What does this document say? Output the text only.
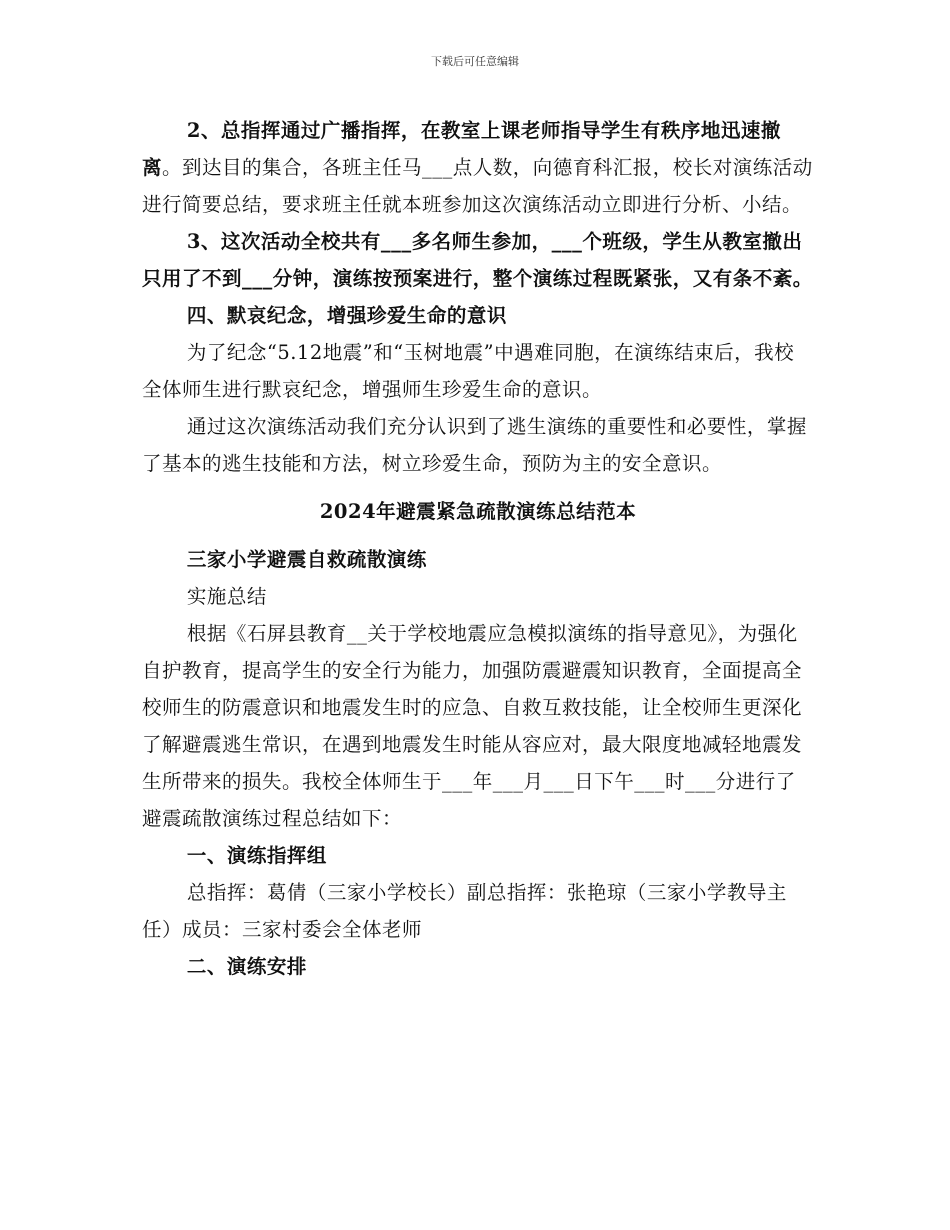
下载后可任意编辑

2、总指挥通过广播指挥，在教室上课老师指导学生有秩序地迅速撤离。到达目的集合，各班主任马___点人数，向德育科汇报，校长对演练活动进行简要总结，要求班主任就本班参加这次演练活动立即进行分析、小结。

3、这次活动全校共有___多名师生参加，___个班级，学生从教室撤出只用了不到___分钟，演练按预案进行，整个演练过程既紧张，又有条不紊。

四、默哀纪念，增强珍爱生命的意识

为了纪念“5.12地震”和“玉树地震”中遇难同胞，在演练结束后，我校全体师生进行默哀纪念，增强师生珍爱生命的意识。

通过这次演练活动我们充分认识到了逃生演练的重要性和必要性，掌握了基本的逃生技能和方法，树立珍爱生命，预防为主的安全意识。

2024年避震紧急疏散演练总结范本

三家小学避震自救疏散演练

实施总结

根据《石屏县教育__关于学校地震应急模拟演练的指导意见》，为强化自护教育，提高学生的安全行为能力，加强防震避震知识教育，全面提高全校师生的防震意识和地震发生时的应急、自救互救技能，让全校师生更深化了解避震逃生常识，在遇到地震发生时能从容应对，最大限度地减轻地震发生所带来的损失。我校全体师生于___年___月___日下午___时___分进行了避震疏散演练过程总结如下：

一、演练指挥组

总指挥：葛倩（三家小学校长）副总指挥：张艳琼（三家小学教导主任）成员：三家村委会全体老师

二、演练安排
